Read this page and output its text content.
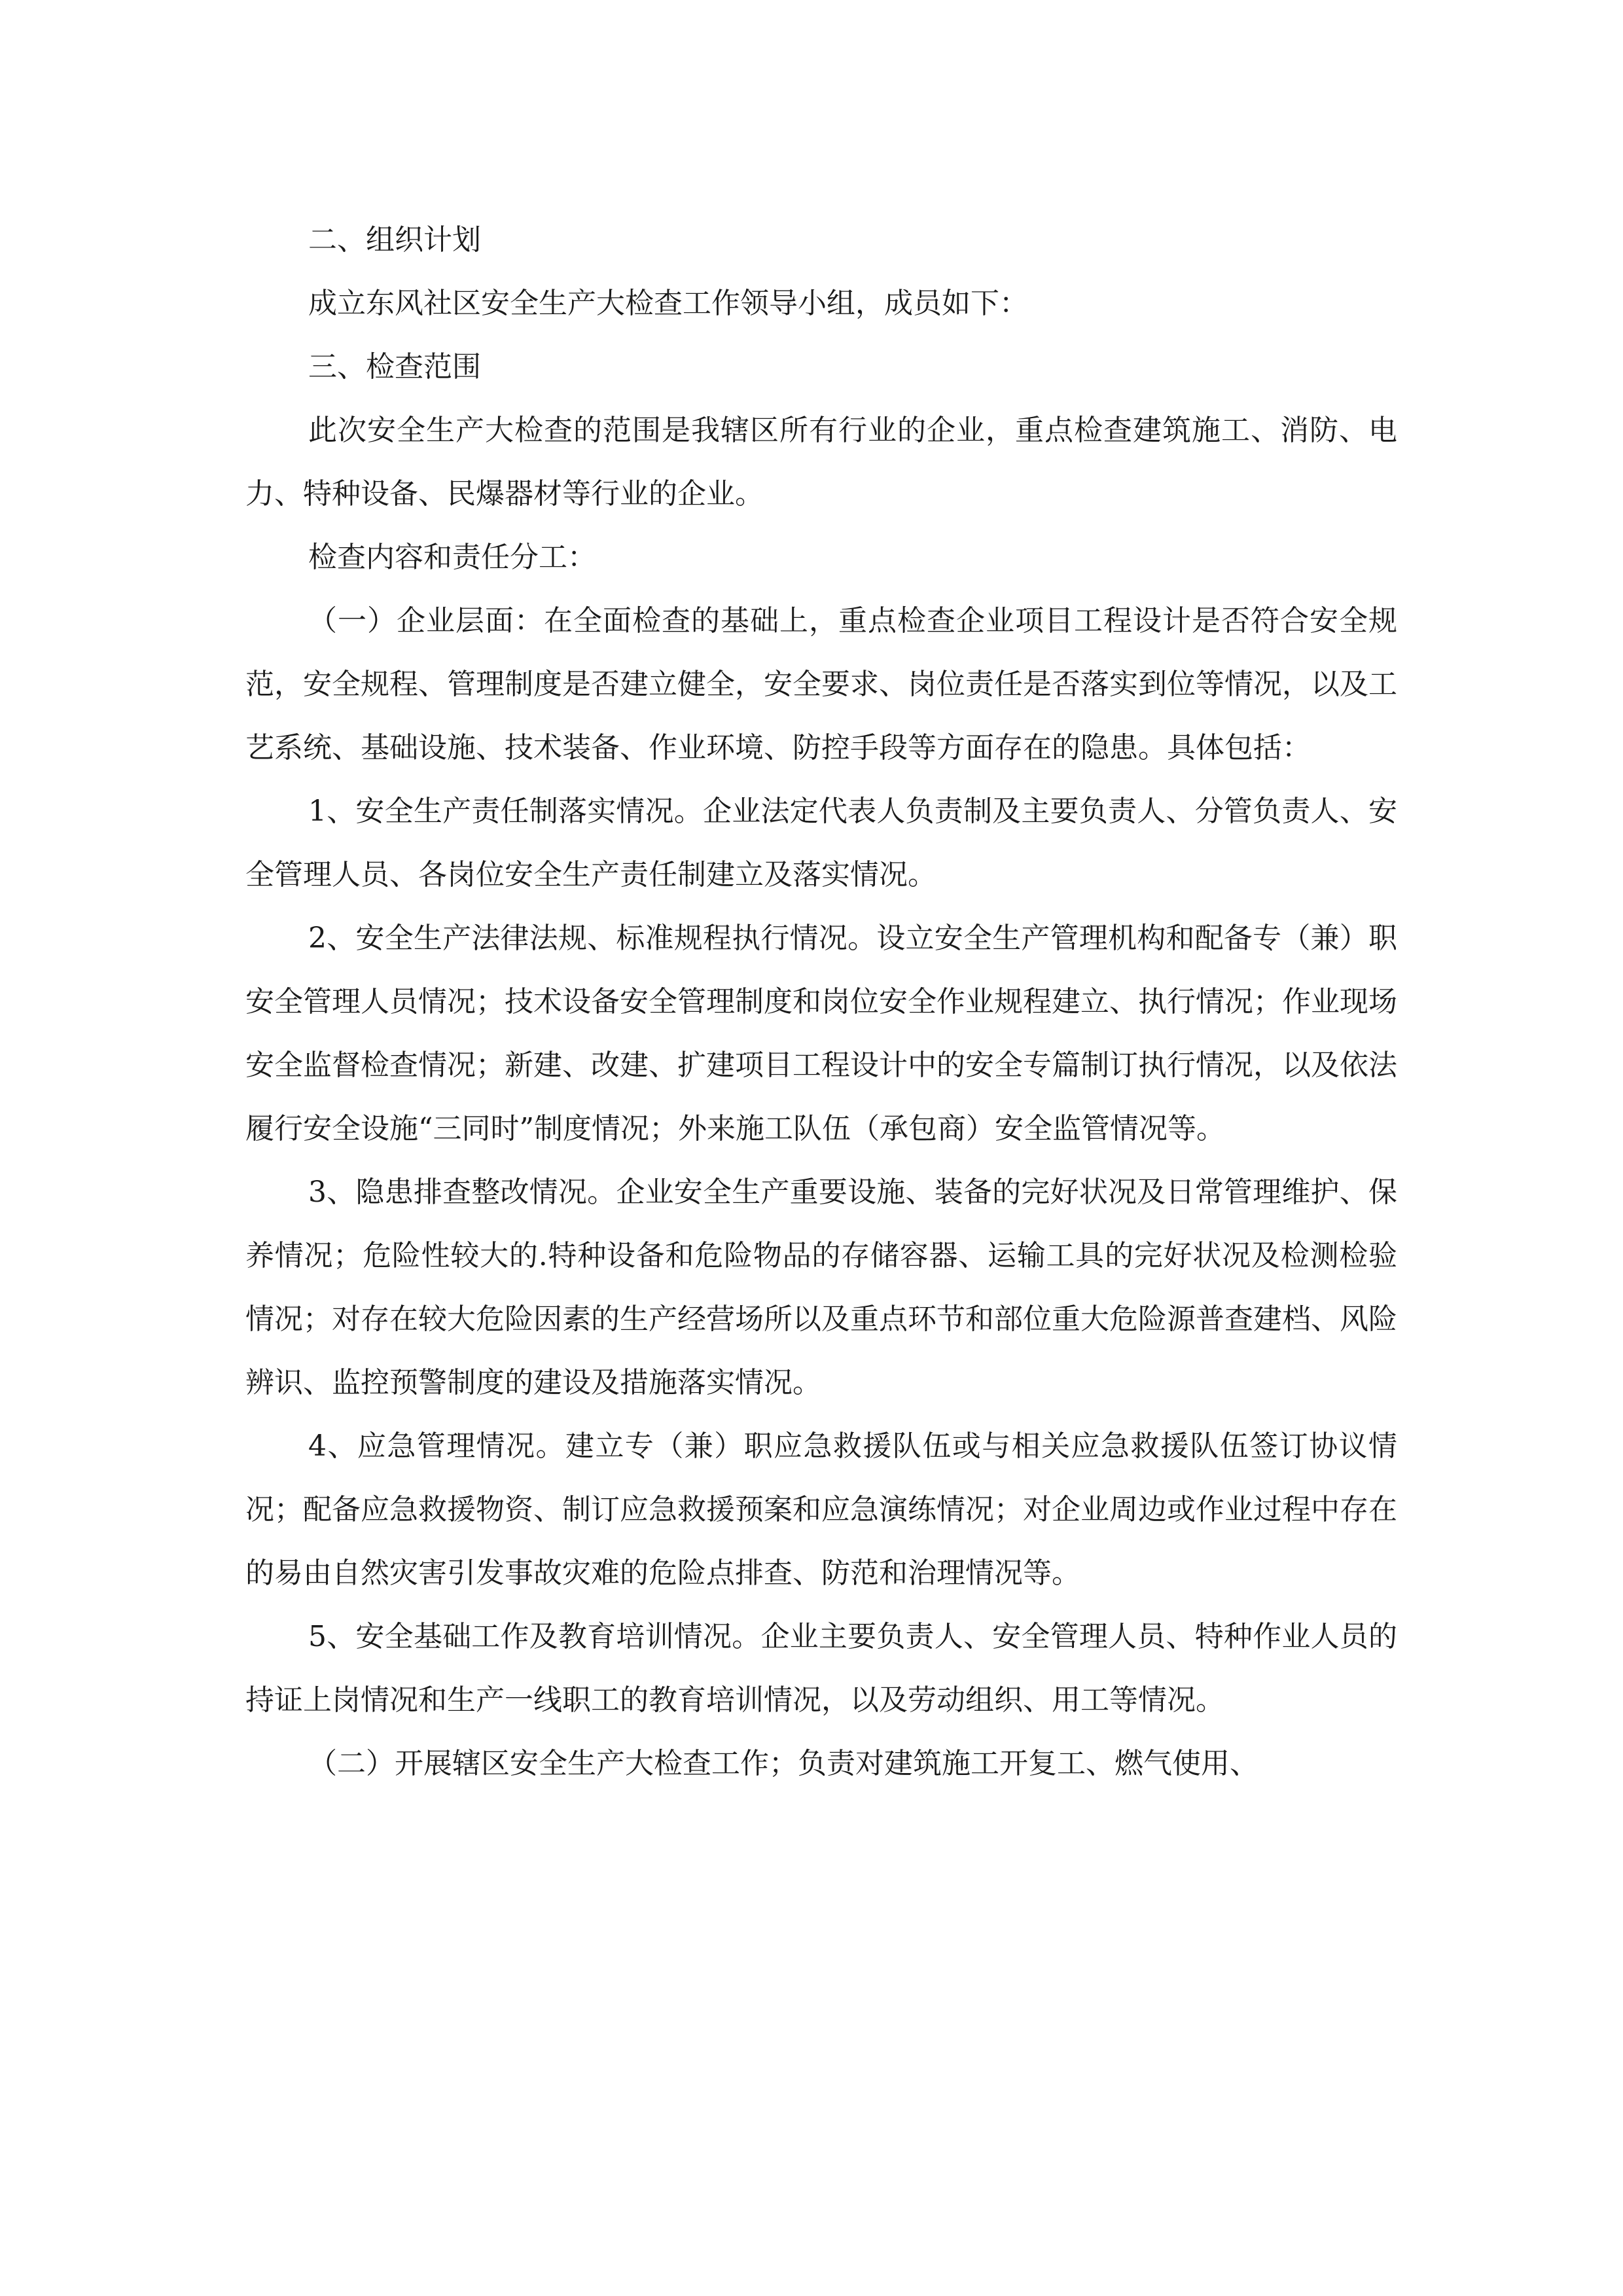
二、组织计划

成立东风社区安全生产大检查工作领导小组，成员如下：

三、检查范围

此次安全生产大检查的范围是我辖区所有行业的企业，重点检查建筑施工、消防、电力、特种设备、民爆器材等行业的企业。

检查内容和责任分工：

（一）企业层面：在全面检查的基础上，重点检查企业项目工程设计是否符合安全规范，安全规程、管理制度是否建立健全，安全要求、岗位责任是否落实到位等情况，以及工艺系统、基础设施、技术装备、作业环境、防控手段等方面存在的隐患。具体包括：

1、安全生产责任制落实情况。企业法定代表人负责制及主要负责人、分管负责人、安全管理人员、各岗位安全生产责任制建立及落实情况。

2、安全生产法律法规、标准规程执行情况。设立安全生产管理机构和配备专（兼）职安全管理人员情况；技术设备安全管理制度和岗位安全作业规程建立、执行情况；作业现场安全监督检查情况；新建、改建、扩建项目工程设计中的安全专篇制订执行情况，以及依法履行安全设施“三同时”制度情况；外来施工队伍（承包商）安全监管情况等。

3、隐患排查整改情况。企业安全生产重要设施、装备的完好状况及日常管理维护、保养情况；危险性较大的.特种设备和危险物品的存储容器、运输工具的完好状况及检测检验情况；对存在较大危险因素的生产经营场所以及重点环节和部位重大危险源普查建档、风险辨识、监控预警制度的建设及措施落实情况。

4、应急管理情况。建立专（兼）职应急救援队伍或与相关应急救援队伍签订协议情况；配备应急救援物资、制订应急救援预案和应急演练情况；对企业周边或作业过程中存在的易由自然灾害引发事故灾难的危险点排查、防范和治理情况等。

5、安全基础工作及教育培训情况。企业主要负责人、安全管理人员、特种作业人员的持证上岗情况和生产一线职工的教育培训情况，以及劳动组织、用工等情况。

（二）开展辖区安全生产大检查工作；负责对建筑施工开复工、燃气使用、
